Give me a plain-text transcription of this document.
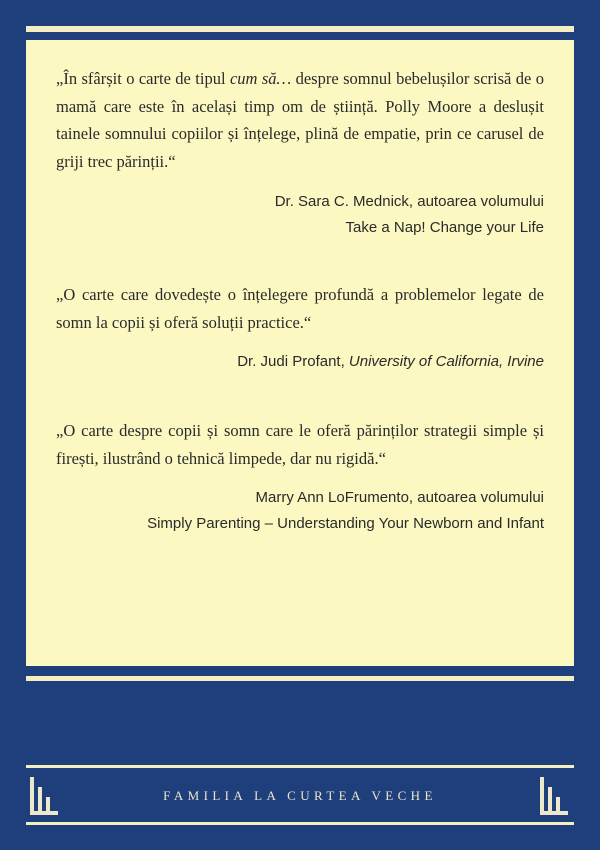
„În sfârșit o carte de tipul cum să… despre somnul bebelușilor scrisă de o mamă care este în același timp om de știință. Polly Moore a deslușit tainele somnului copiilor și înțelege, plină de empatie, prin ce carusel de griji trec părinții.“

Dr. Sara C. Mednick, autoarea volumului

Take a Nap! Change your Life

„O carte care dovedește o înțelegere profundă a problemelor legate de somn la copii și oferă soluții practice.“

Dr. Judi Profant, University of California, Irvine

„O carte despre copii și somn care le oferă părinților strategii simple și firești, ilustrând o tehnică limpede, dar nu rigidă.“

Marry Ann LoFrumento, autoarea volumului

Simply Parenting – Understanding Your Newborn and Infant

FAMILIA LA CURTEA VECHE
